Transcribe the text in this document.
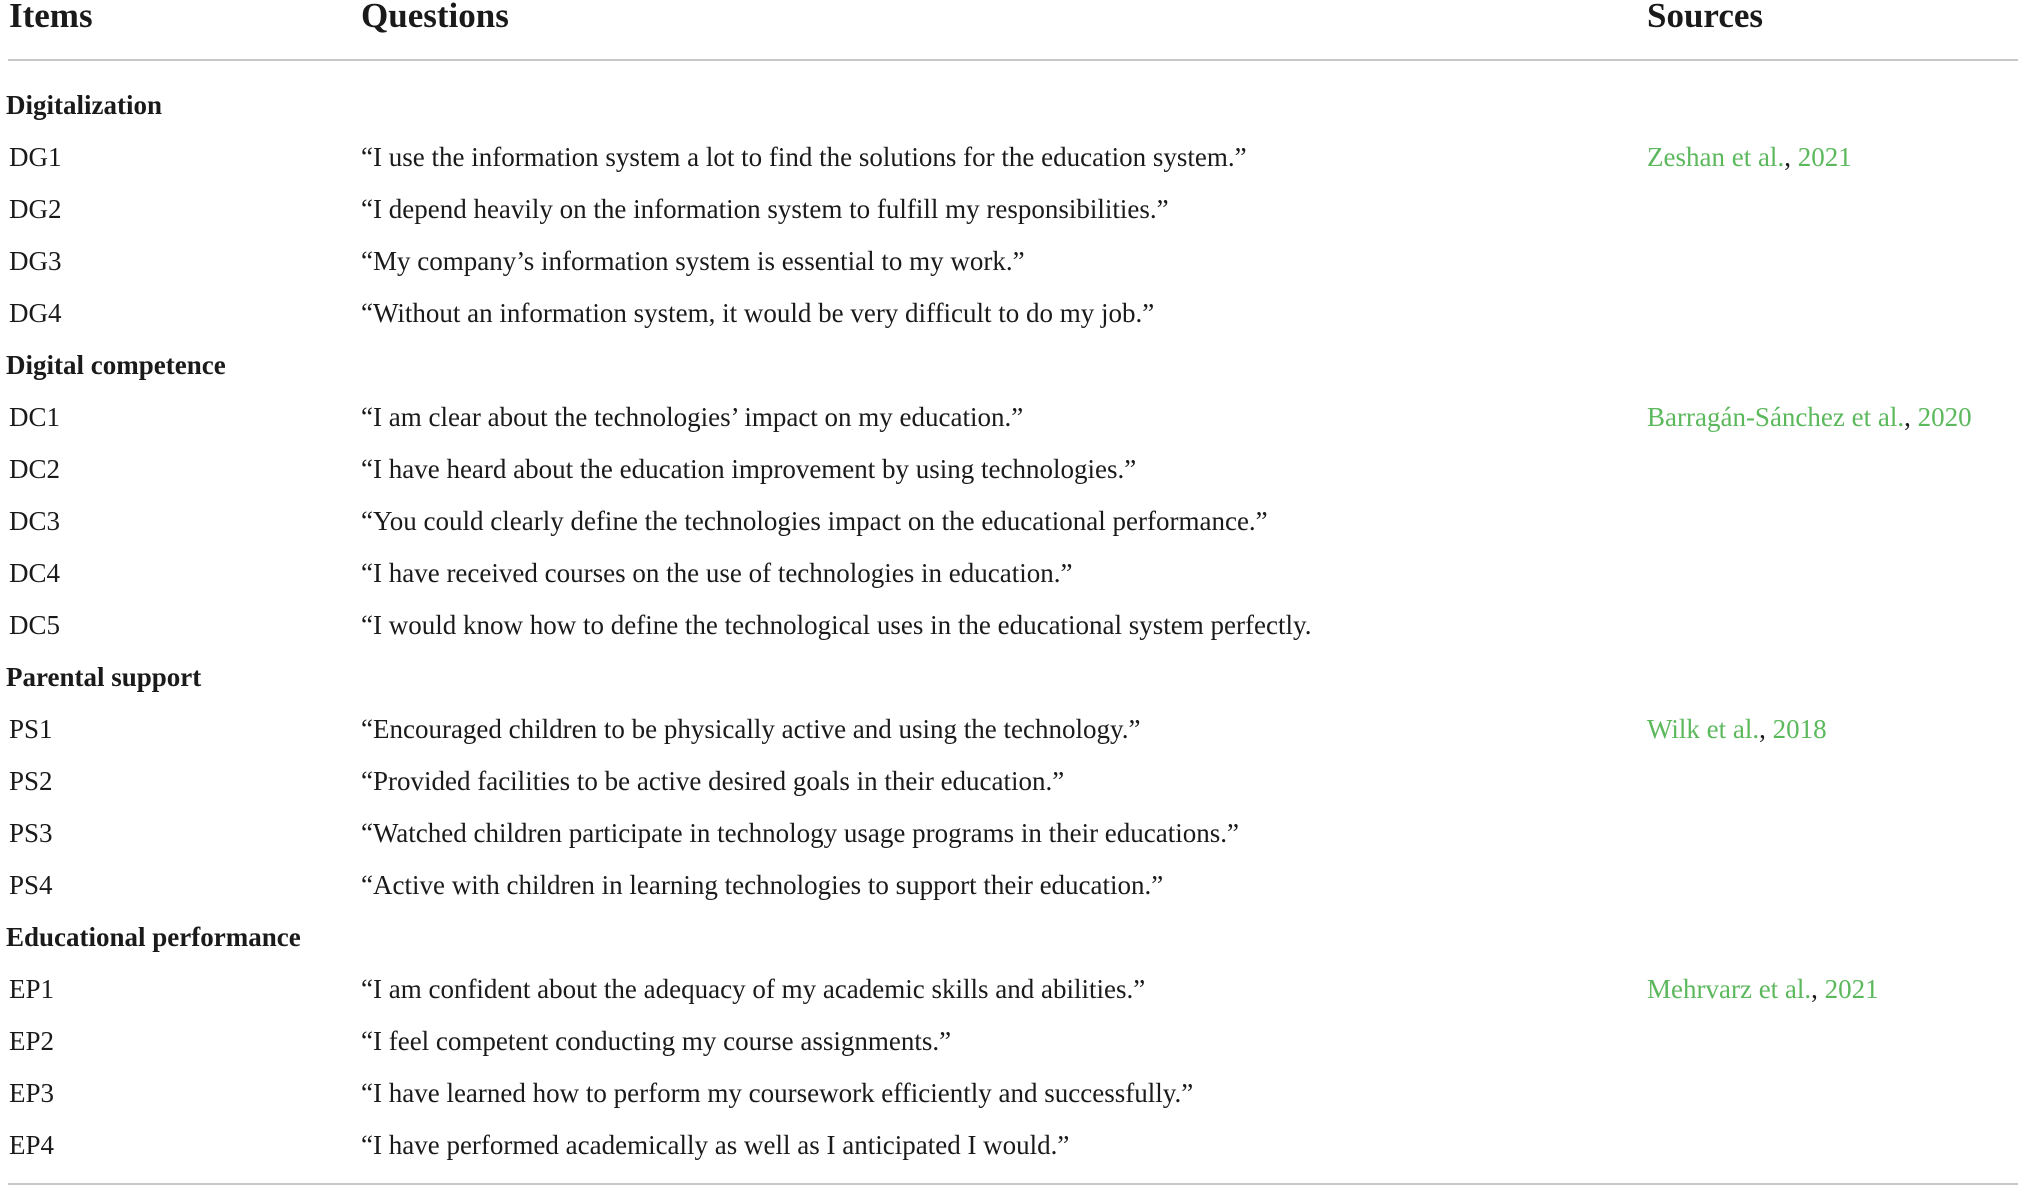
Items	Questions	Sources
Digitalization
DG1	“I use the information system a lot to find the solutions for the education system.”	Zeshan et al., 2021
DG2	“I depend heavily on the information system to fulfill my responsibilities.”
DG3	“My company’s information system is essential to my work.”
DG4	“Without an information system, it would be very difficult to do my job.”
Digital competence
DC1	“I am clear about the technologies’ impact on my education.”	Barragán-Sánchez et al., 2020
DC2	“I have heard about the education improvement by using technologies.”
DC3	“You could clearly define the technologies impact on the educational performance.”
DC4	“I have received courses on the use of technologies in education.”
DC5	“I would know how to define the technological uses in the educational system perfectly.
Parental support
PS1	“Encouraged children to be physically active and using the technology.”	Wilk et al., 2018
PS2	“Provided facilities to be active desired goals in their education.”
PS3	“Watched children participate in technology usage programs in their educations.”
PS4	“Active with children in learning technologies to support their education.”
Educational performance
EP1	“I am confident about the adequacy of my academic skills and abilities.”	Mehrvarz et al., 2021
EP2	“I feel competent conducting my course assignments.”
EP3	“I have learned how to perform my coursework efficiently and successfully.”
EP4	“I have performed academically as well as I anticipated I would.”
